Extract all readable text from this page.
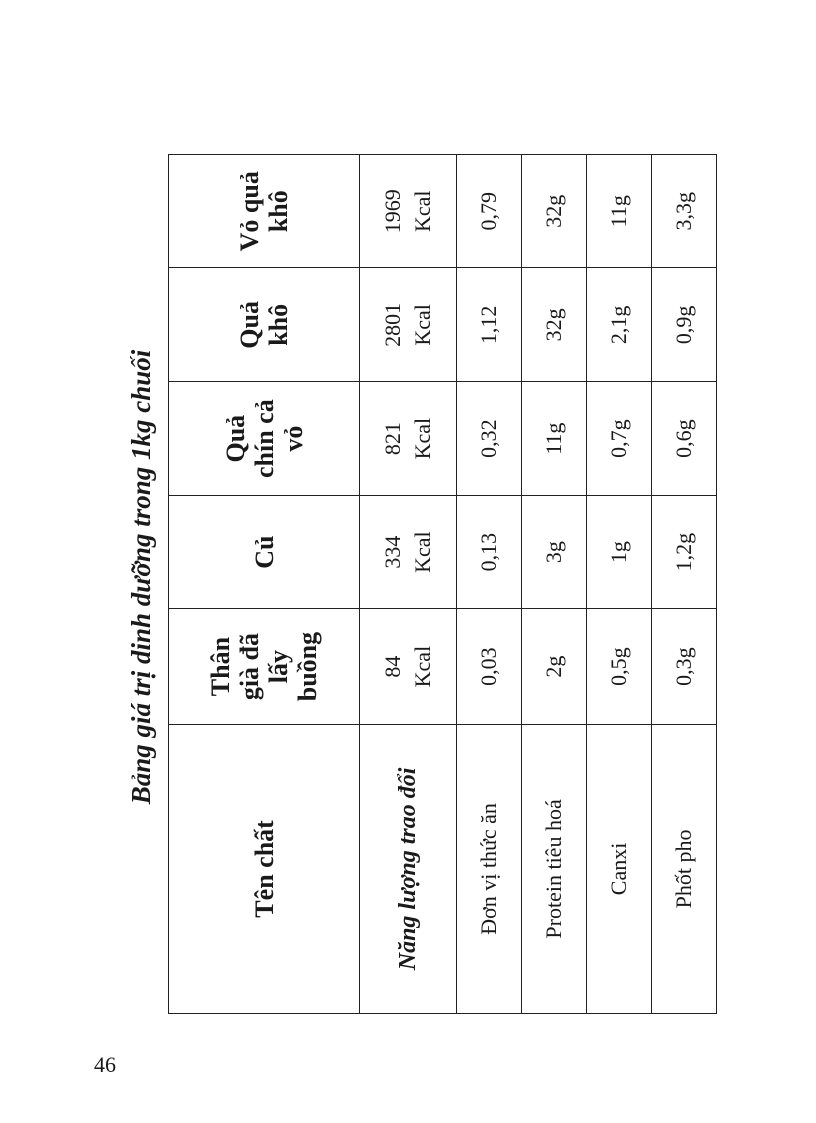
46
Bảng giá trị dinh dưỡng trong 1kg chuối
Tên chất	Thân già đã lấy buồng	Củ	Quả chín cả vỏ	Quả khô	Vỏ quả khô

Năng lượng trao đổi	84 Kcal	334 Kcal	821 Kcal	2801 Kcal	1969 Kcal

Đơn vị thức ăn	0,03	0,13	0,32	1,12	0,79
Protein tiêu hoá	2g	3g	11g	32g	32g
Canxi	0,5g	1g	0,7g	2,1g	11g
Phốt pho	0,3g	1,2g	0,6g	0,9g	3,3g
